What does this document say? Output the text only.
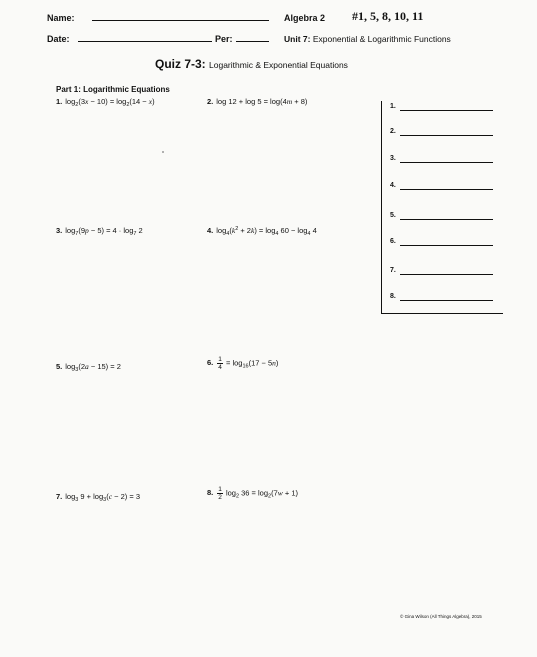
Name:
Date:	Per:
Algebra 2 #1, 5, 8, 10, 11
Unit 7: Exponential & Logarithmic Functions
Quiz 7-3: Logarithmic & Exponential Equations
Part 1: Logarithmic Equations
1. $\log_2(3x - 10) = \log_2(14 - x)$	2. log 12 + log 5 = log(4m + 8)
3. $\log_7(9p - 5) = 4 \cdot \log_7 2$	4. $\log_4(k^2 + 2k) = \log_4 60 - \log_4 4$
5. $\log_3(2a - 15) = 2$	6. $\frac{1}{4} = \log_{16}(17 - 5n)$
7. $\log_3 9 + \log_3(c - 2) = 3$	8. $\frac{1}{2} \log_2 36 = \log_2(7w + 1)$
1.
2.
3.
4.
5.
6.
7.
8.
© Gina Wilson (All Things Algebra), 2015
